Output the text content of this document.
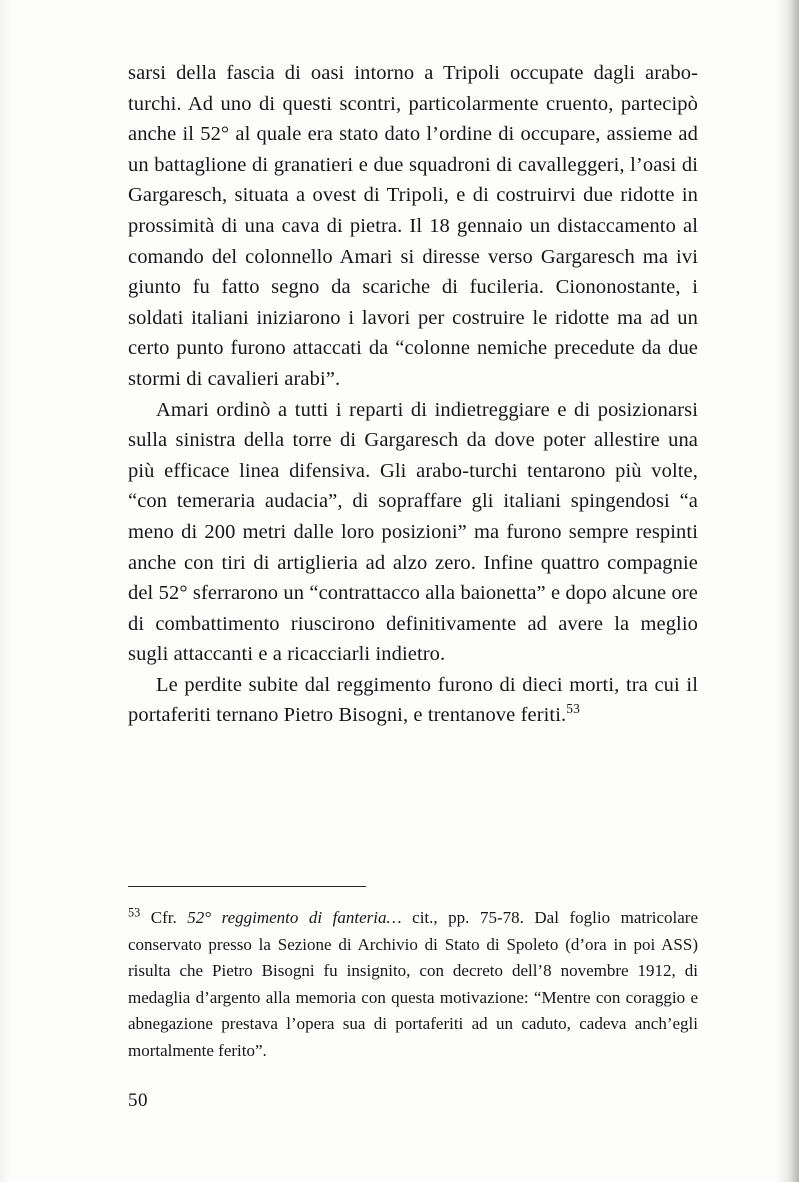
sarsi della fascia di oasi intorno a Tripoli occupate dagli arabo-turchi. Ad uno di questi scontri, particolarmente cruento, partecipò anche il 52° al quale era stato dato l’ordine di occupare, assieme ad un battaglione di granatieri e due squadroni di cavalleggeri, l’oasi di Gargaresch, situata a ovest di Tripoli, e di costruirvi due ridotte in prossimità di una cava di pietra. Il 18 gennaio un distaccamento al comando del colonnello Amari si diresse verso Gargaresch ma ivi giunto fu fatto segno da scariche di fucileria. Ciononostante, i soldati italiani iniziarono i lavori per costruire le ridotte ma ad un certo punto furono attaccati da “colonne nemiche precedute da due stormi di cavalieri arabi”.

Amari ordinò a tutti i reparti di indietreggiare e di posizionarsi sulla sinistra della torre di Gargaresch da dove poter allestire una più efficace linea difensiva. Gli arabo-turchi tentarono più volte, “con temeraria audacia”, di sopraffare gli italiani spingendosi “a meno di 200 metri dalle loro posizioni” ma furono sempre respinti anche con tiri di artiglieria ad alzo zero. Infine quattro compagnie del 52° sferrarono un “contrattacco alla baionetta” e dopo alcune ore di combattimento riuscirono definitivamente ad avere la meglio sugli attaccanti e a ricacciarli indietro.

Le perdite subite dal reggimento furono di dieci morti, tra cui il portaferiti ternano Pietro Bisogni, e trentanove feriti.$^{53}$

$^{53}$ Cfr. 52° reggimento di fanteria… cit., pp. 75-78. Dal foglio matricolare conservato presso la Sezione di Archivio di Stato di Spoleto (d’ora in poi ASS) risulta che Pietro Bisogni fu insignito, con decreto dell’8 novembre 1912, di medaglia d’argento alla memoria con questa motivazione: “Mentre con coraggio e abnegazione prestava l’opera sua di portaferiti ad un caduto, cadeva anch’egli mortalmente ferito”.

50
